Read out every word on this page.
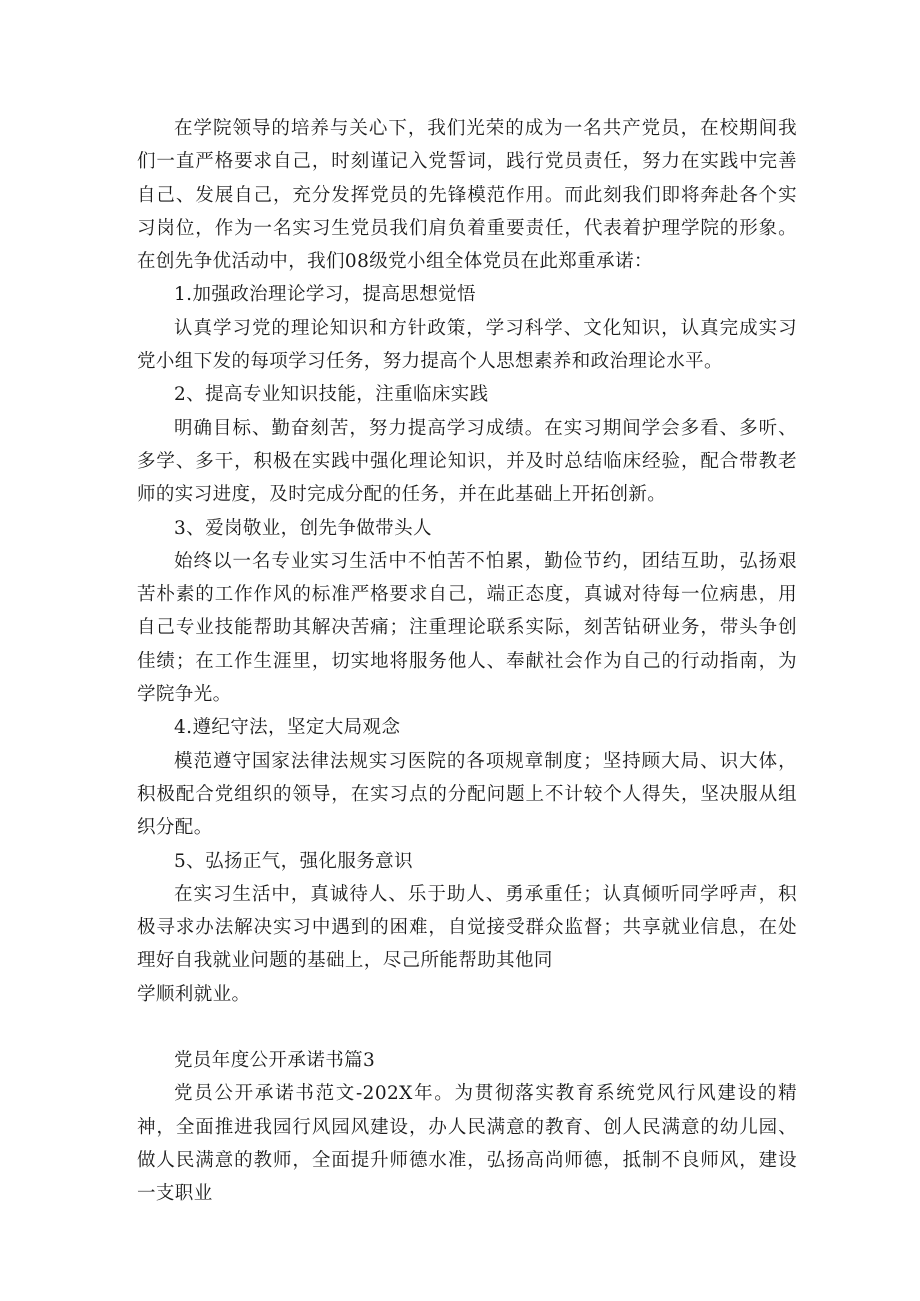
在学院领导的培养与关心下，我们光荣的成为一名共产党员，在校期间我们一直严格要求自己，时刻谨记入党誓词，践行党员责任，努力在实践中完善自己、发展自己，充分发挥党员的先锋模范作用。而此刻我们即将奔赴各个实习岗位，作为一名实习生党员我们肩负着重要责任，代表着护理学院的形象。在创先争优活动中，我们08级党小组全体党员在此郑重承诺：

1.加强政治理论学习，提高思想觉悟

认真学习党的理论知识和方针政策，学习科学、文化知识，认真完成实习党小组下发的每项学习任务，努力提高个人思想素养和政治理论水平。

2、提高专业知识技能，注重临床实践

明确目标、勤奋刻苦，努力提高学习成绩。在实习期间学会多看、多听、多学、多干，积极在实践中强化理论知识，并及时总结临床经验，配合带教老师的实习进度，及时完成分配的任务，并在此基础上开拓创新。

3、爱岗敬业，创先争做带头人

始终以一名专业实习生活中不怕苦不怕累，勤俭节约，团结互助，弘扬艰苦朴素的工作作风的标准严格要求自己，端正态度，真诚对待每一位病患，用自己专业技能帮助其解决苦痛；注重理论联系实际，刻苦钻研业务，带头争创佳绩；在工作生涯里，切实地将服务他人、奉献社会作为自己的行动指南，为学院争光。

4.遵纪守法，坚定大局观念

模范遵守国家法律法规实习医院的各项规章制度；坚持顾大局、识大体，积极配合党组织的领导，在实习点的分配问题上不计较个人得失，坚决服从组织分配。

5、弘扬正气，强化服务意识

在实习生活中，真诚待人、乐于助人、勇承重任；认真倾听同学呼声，积极寻求办法解决实习中遇到的困难，自觉接受群众监督；共享就业信息，在处理好自我就业问题的基础上，尽己所能帮助其他同

学顺利就业。

党员年度公开承诺书篇3

党员公开承诺书范文-202X年。为贯彻落实教育系统党风行风建设的精神，全面推进我园行风园风建设，办人民满意的教育、创人民满意的幼儿园、做人民满意的教师，全面提升师德水准，弘扬高尚师德，抵制不良师风，建设一支职业
